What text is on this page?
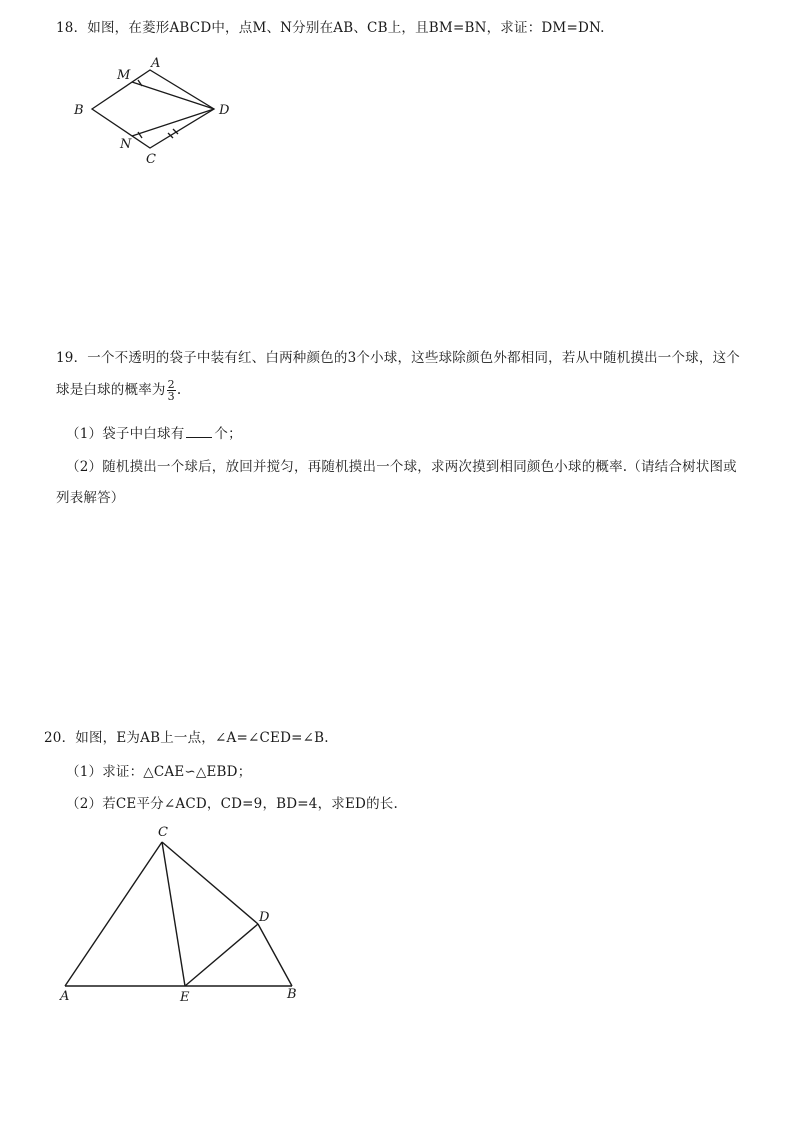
18．如图，在菱形ABCD中，点M、N分别在AB、CB上，且BM=BN，求证：DM=DN.
A
B
C
D
M
N
19．一个不透明的袋子中装有红、白两种颜色的3个小球，这些球除颜色外都相同，若从中随机摸出一个球，这个
球是白球的概率为 $\frac{2}{3}$ .
（1）袋子中白球有 个；
（2）随机摸出一个球后，放回并搅匀，再随机摸出一个球，求两次摸到相同颜色小球的概率.（请结合树状图或
列表解答）
20．如图，E为AB上一点，∠A=∠CED=∠B.
（1）求证：△CAE∽△EBD；
（2）若CE平分∠ACD，CD=9，BD=4，求ED的长.
C
D
A	E	B
